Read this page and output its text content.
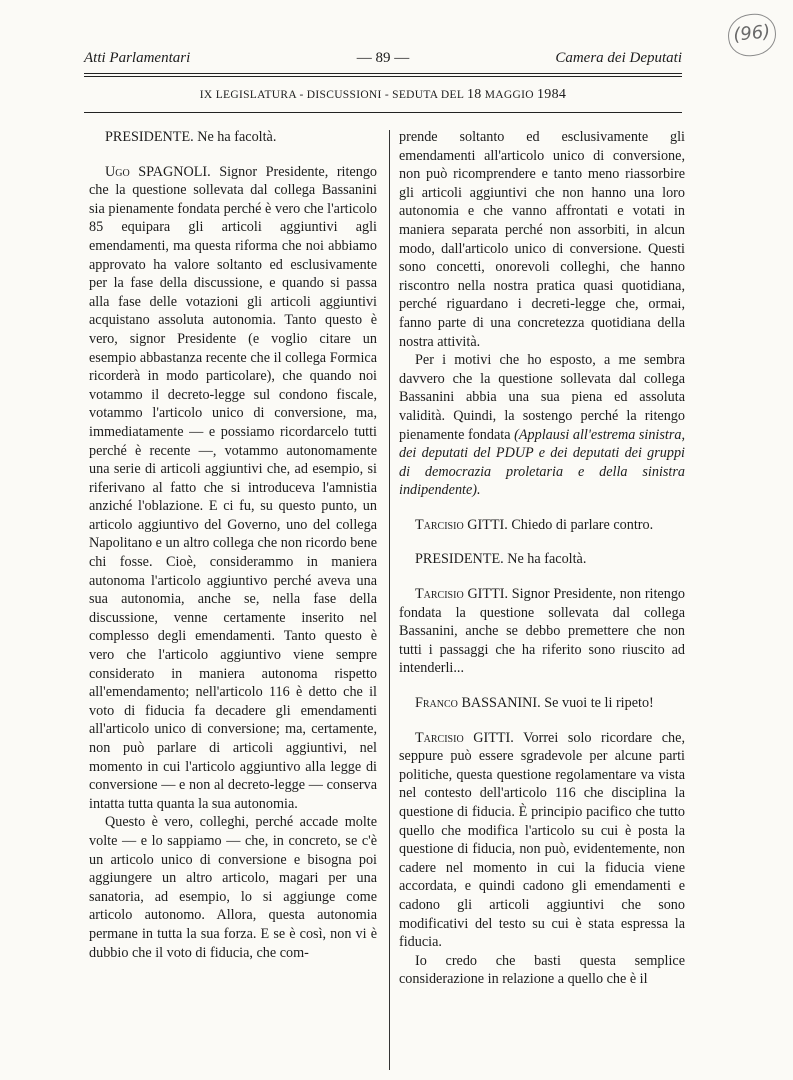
(96)
Atti Parlamentari	— 89 —	Camera dei Deputati
IX LEGISLATURA - DISCUSSIONI - SEDUTA DEL 18 MAGGIO 1984

PRESIDENTE. Ne ha facoltà.

Ugo SPAGNOLI. Signor Presidente, ritengo che la questione sollevata dal collega Bassanini sia pienamente fondata perché è vero che l'articolo 85 equipara gli articoli aggiuntivi agli emendamenti, ma questa riforma che noi abbiamo approvato ha valore soltanto ed esclusivamente per la fase della discussione, e quando si passa alla fase delle votazioni gli articoli aggiuntivi acquistano assoluta autonomia. Tanto questo è vero, signor Presidente (e voglio citare un esempio abbastanza recente che il collega Formica ricorderà in modo particolare), che quando noi votammo il decreto-legge sul condono fiscale, votammo l'articolo unico di conversione, ma, immediatamente — e possiamo ricordarcelo tutti perché è recente —, votammo autonomamente una serie di articoli aggiuntivi che, ad esempio, si riferivano al fatto che si introduceva l'amnistia anziché l'oblazione. E ci fu, su questo punto, un articolo aggiuntivo del Governo, uno del collega Napolitano e un altro collega che non ricordo bene chi fosse. Cioè, considerammo in maniera autonoma l'articolo aggiuntivo perché aveva una sua autonomia, anche se, nella fase della discussione, venne certamente inserito nel complesso degli emendamenti. Tanto questo è vero che l'articolo aggiuntivo viene sempre considerato in maniera autonoma rispetto all'emendamento; nell'articolo 116 è detto che il voto di fiducia fa decadere gli emendamenti all'articolo unico di conversione; ma, certamente, non può parlare di articoli aggiuntivi, nel momento in cui l'articolo aggiuntivo alla legge di conversione — e non al decreto-legge — conserva intatta tutta quanta la sua autonomia.

Questo è vero, colleghi, perché accade molte volte — e lo sappiamo — che, in concreto, se c'è un articolo unico di conversione e bisogna poi aggiungere un altro articolo, magari per una sanatoria, ad esempio, lo si aggiunge come articolo autonomo. Allora, questa autonomia permane in tutta la sua forza. E se è così, non vi è dubbio che il voto di fiducia, che com-

prende soltanto ed esclusivamente gli emendamenti all'articolo unico di conversione, non può ricomprendere e tanto meno riassorbire gli articoli aggiuntivi che non hanno una loro autonomia e che vanno affrontati e votati in maniera separata perché non assorbiti, in alcun modo, dall'articolo unico di conversione. Questi sono concetti, onorevoli colleghi, che hanno riscontro nella nostra pratica quasi quotidiana, perché riguardano i decreti-legge che, ormai, fanno parte di una concretezza quotidiana della nostra attività.

Per i motivi che ho esposto, a me sembra davvero che la questione sollevata dal collega Bassanini abbia una sua piena ed assoluta validità. Quindi, la sostengo perché la ritengo pienamente fondata (Applausi all'estrema sinistra, dei deputati del PDUP e dei deputati dei gruppi di democrazia proletaria e della sinistra indipendente).

Tarcisio GITTI. Chiedo di parlare contro.

PRESIDENTE. Ne ha facoltà.

Tarcisio GITTI. Signor Presidente, non ritengo fondata la questione sollevata dal collega Bassanini, anche se debbo premettere che non tutti i passaggi che ha riferito sono riuscito ad intenderli...

Franco BASSANINI. Se vuoi te li ripeto!

Tarcisio GITTI. Vorrei solo ricordare che, seppure può essere sgradevole per alcune parti politiche, questa questione regolamentare va vista nel contesto dell'articolo 116 che disciplina la questione di fiducia. È principio pacifico che tutto quello che modifica l'articolo su cui è posta la questione di fiducia, non può, evidentemente, non cadere nel momento in cui la fiducia viene accordata, e quindi cadono gli emendamenti e cadono gli articoli aggiuntivi che sono modificativi del testo su cui è stata espressa la fiducia.

Io credo che basti questa semplice considerazione in relazione a quello che è il
